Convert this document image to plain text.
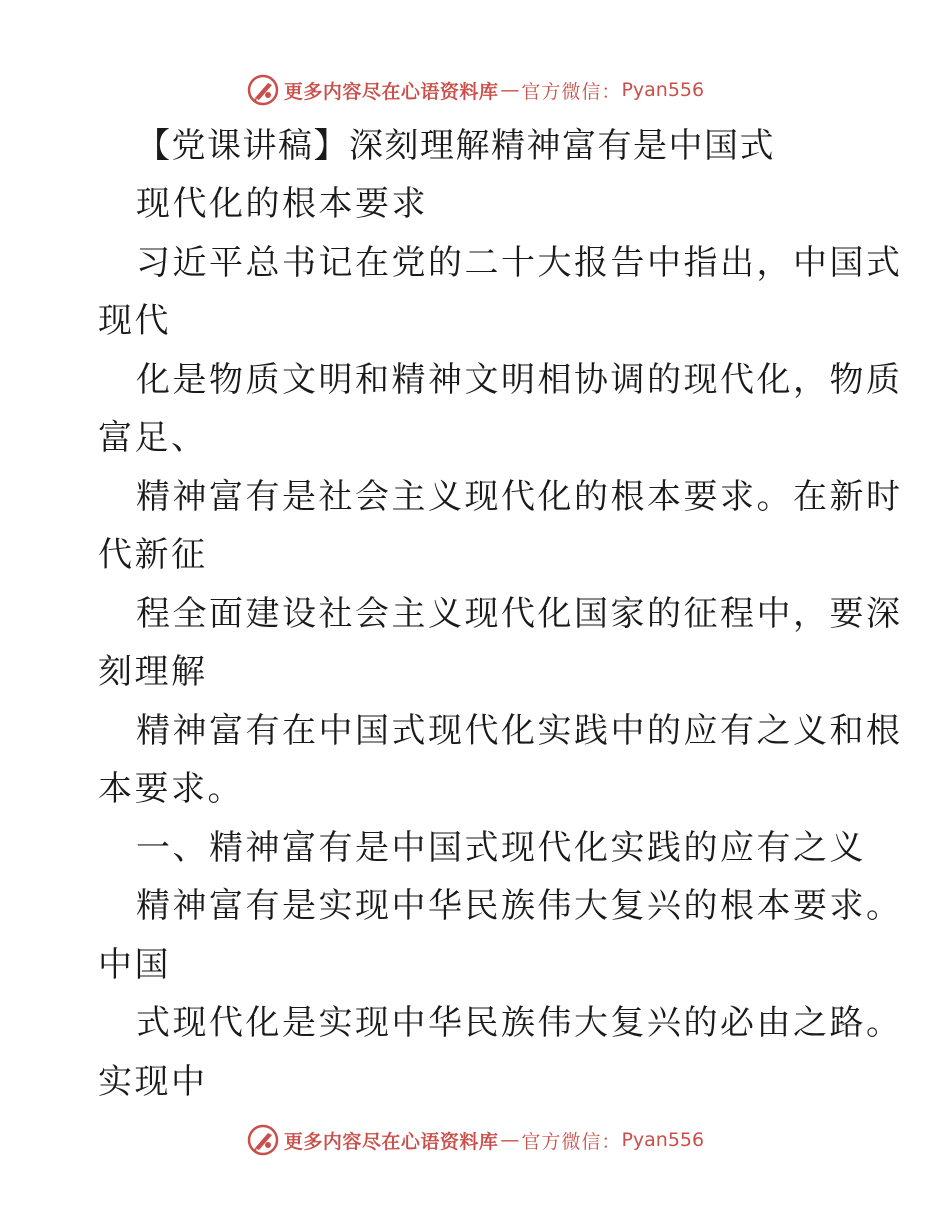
更多内容尽在心语资料库 — 官方微信： Pyan556
【党课讲稿】深刻理解精神富有是中国式
现代化的根本要求
习近平总书记在党的二十大报告中指出，中国式
现代
化是物质文明和精神文明相协调的现代化，物质
富足、
精神富有是社会主义现代化的根本要求。在新时
代新征
程全面建设社会主义现代化国家的征程中，要深
刻理解
精神富有在中国式现代化实践中的应有之义和根
本要求。
一、精神富有是中国式现代化实践的应有之义
精神富有是实现中华民族伟大复兴的根本要求。
中国
式现代化是实现中华民族伟大复兴的必由之路。
实现中
更多内容尽在心语资料库 — 官方微信： Pyan556
